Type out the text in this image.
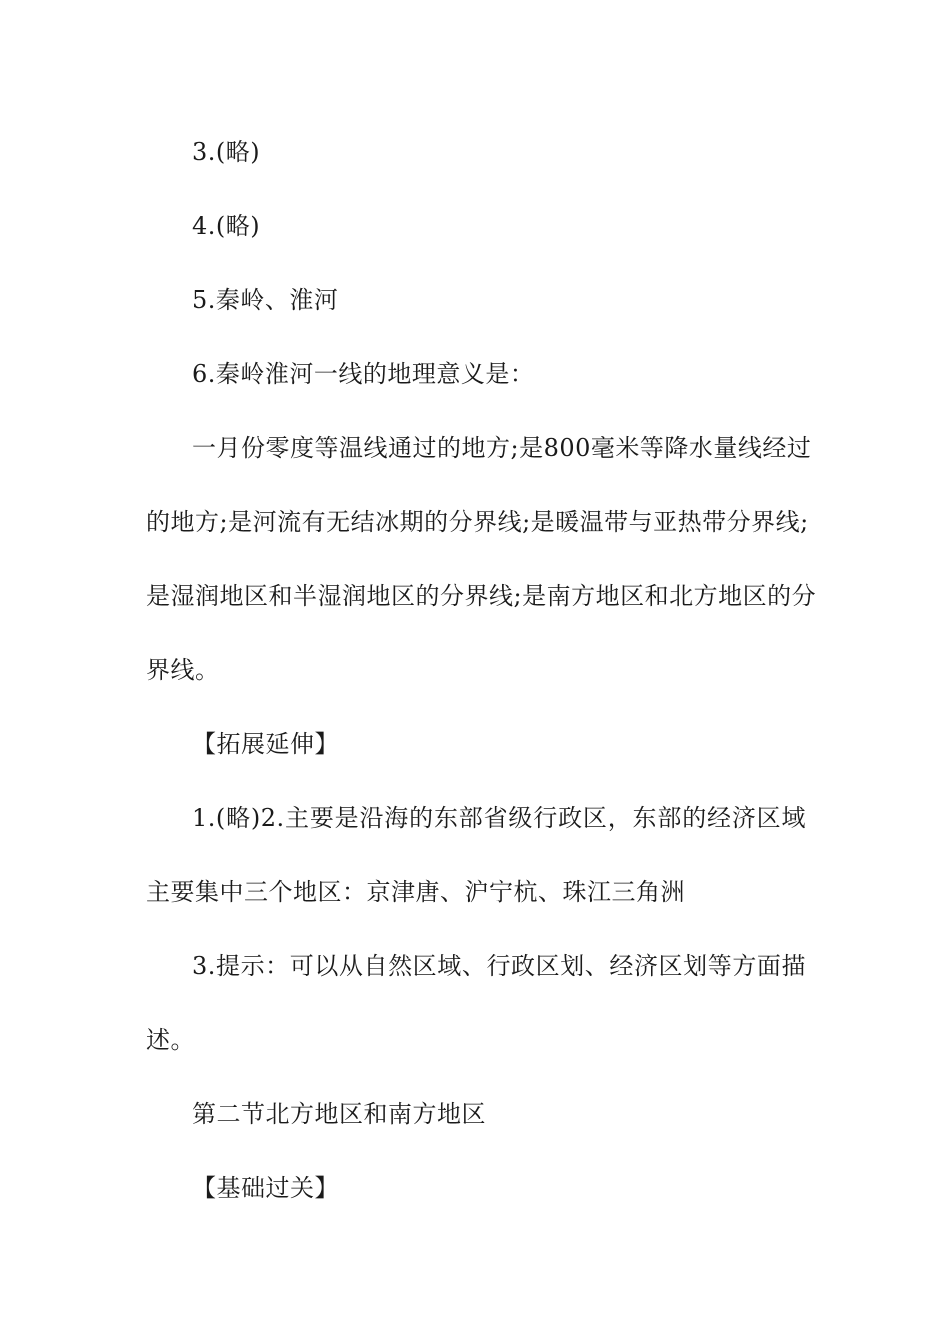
3.(略)
4.(略)
5.秦岭、淮河
6.秦岭淮河一线的地理意义是：
一月份零度等温线通过的地方;是800毫米等降水量线经过
的地方;是河流有无结冰期的分界线;是暖温带与亚热带分界线;
是湿润地区和半湿润地区的分界线;是南方地区和北方地区的分
界线。
【拓展延伸】
1.(略)2.主要是沿海的东部省级行政区，东部的经济区域
主要集中三个地区：京津唐、沪宁杭、珠江三角洲
3.提示：可以从自然区域、行政区划、经济区划等方面描
述。
第二节北方地区和南方地区
【基础过关】
